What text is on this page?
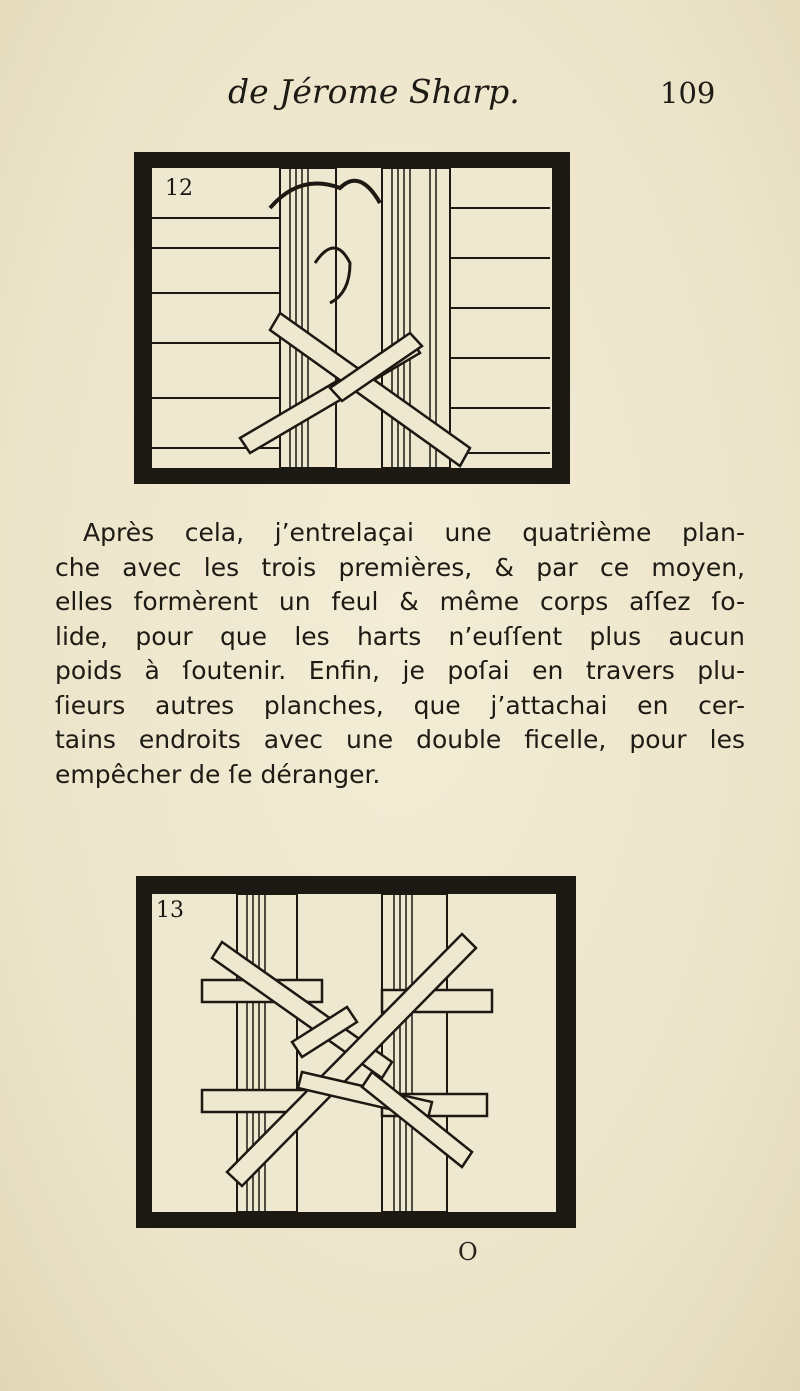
de Jérome Sharp.	109
12
Après cela, j’entrelaçai une quatrième plan-
che avec les trois premières, & par ce moyen,
elles formèrent un feul & même corps aſſez ſo-
lide, pour que les harts n’euſſent plus aucun
poids à ſoutenir. Enfin, je poſai en travers plu-
ſieurs autres planches, que j’attachai en cer-
tains endroits avec une double ficelle, pour les
empêcher de ſe déranger.
13
O
